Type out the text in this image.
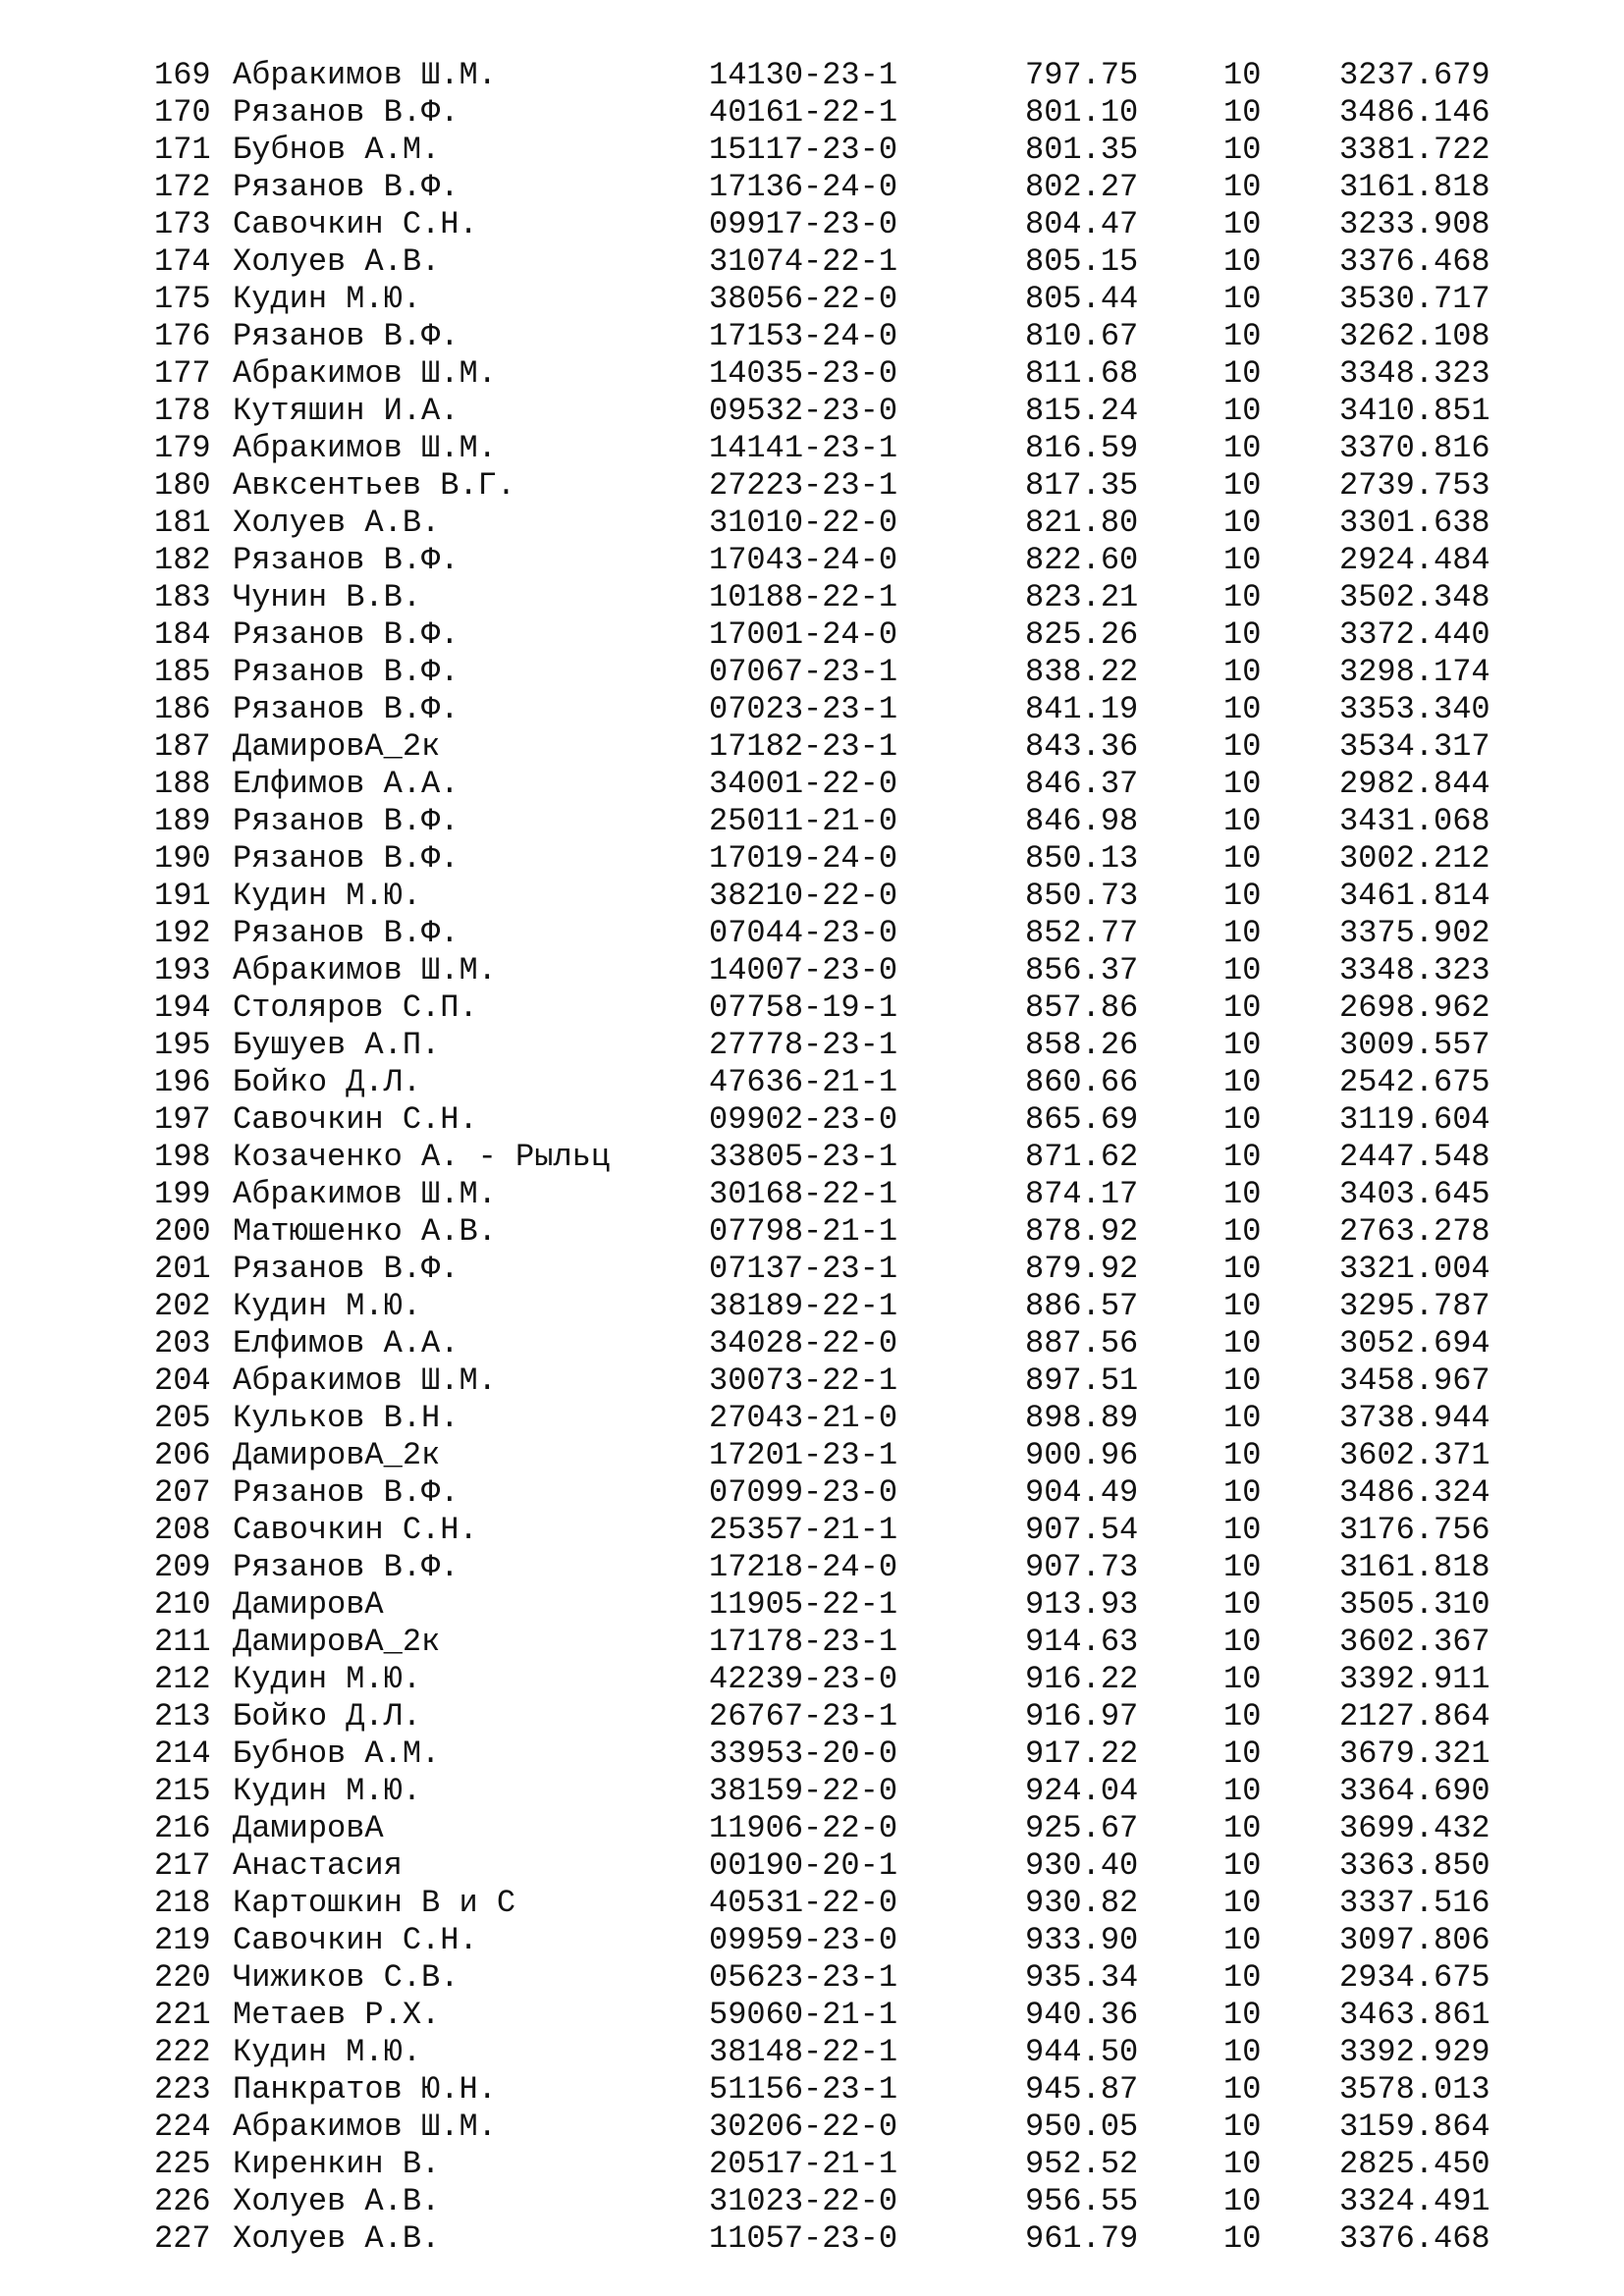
169 Абракимов Ш.М.	14130-23-1	797.75	10 3237.679
170 Рязанов В.Ф.	40161-22-1	801.10	10 3486.146
171 Бубнов А.М.	15117-23-0	801.35	10 3381.722
172 Рязанов В.Ф.	17136-24-0	802.27	10 3161.818
173 Савочкин С.Н.	09917-23-0	804.47	10 3233.908
174 Холуев А.В.	31074-22-1	805.15	10 3376.468
175 Кудин М.Ю.	38056-22-0	805.44	10 3530.717
176 Рязанов В.Ф.	17153-24-0	810.67	10 3262.108
177 Абракимов Ш.М.	14035-23-0	811.68	10 3348.323
178 Кутяшин И.А.	09532-23-0	815.24	10 3410.851
179 Абракимов Ш.М.	14141-23-1	816.59	10 3370.816
180 Авксентьев В.Г.	27223-23-1	817.35	10 2739.753
181 Холуев А.В.	31010-22-0	821.80	10 3301.638
182 Рязанов В.Ф.	17043-24-0	822.60	10 2924.484
183 Чунин В.В.	10188-22-1	823.21	10 3502.348
184 Рязанов В.Ф.	17001-24-0	825.26	10 3372.440
185 Рязанов В.Ф.	07067-23-1	838.22	10 3298.174
186 Рязанов В.Ф.	07023-23-1	841.19	10 3353.340
187 ДамировА_2к	17182-23-1	843.36	10 3534.317
188 Елфимов А.А.	34001-22-0	846.37	10 2982.844
189 Рязанов В.Ф.	25011-21-0	846.98	10 3431.068
190 Рязанов В.Ф.	17019-24-0	850.13	10 3002.212
191 Кудин М.Ю.	38210-22-0	850.73	10 3461.814
192 Рязанов В.Ф.	07044-23-0	852.77	10 3375.902
193 Абракимов Ш.М.	14007-23-0	856.37	10 3348.323
194 Столяров С.П.	07758-19-1	857.86	10 2698.962
195 Бушуев А.П.	27778-23-1	858.26	10 3009.557
196 Бойко Д.Л.	47636-21-1	860.66	10 2542.675
197 Савочкин С.Н.	09902-23-0	865.69	10 3119.604
198 Козаченко А. - Рыльц	33805-23-1	871.62	10 2447.548
199 Абракимов Ш.М.	30168-22-1	874.17	10 3403.645
200 Матюшенко А.В.	07798-21-1	878.92	10 2763.278
201 Рязанов В.Ф.	07137-23-1	879.92	10 3321.004
202 Кудин М.Ю.	38189-22-1	886.57	10 3295.787
203 Елфимов А.А.	34028-22-0	887.56	10 3052.694
204 Абракимов Ш.М.	30073-22-1	897.51	10 3458.967
205 Кульков В.Н.	27043-21-0	898.89	10 3738.944
206 ДамировА_2к	17201-23-1	900.96	10 3602.371
207 Рязанов В.Ф.	07099-23-0	904.49	10 3486.324
208 Савочкин С.Н.	25357-21-1	907.54	10 3176.756
209 Рязанов В.Ф.	17218-24-0	907.73	10 3161.818
210 ДамировА	11905-22-1	913.93	10 3505.310
211 ДамировА_2к	17178-23-1	914.63	10 3602.367
212 Кудин М.Ю.	42239-23-0	916.22	10 3392.911
213 Бойко Д.Л.	26767-23-1	916.97	10 2127.864
214 Бубнов А.М.	33953-20-0	917.22	10 3679.321
215 Кудин М.Ю.	38159-22-0	924.04	10 3364.690
216 ДамировА	11906-22-0	925.67	10 3699.432
217 Анастасия	00190-20-1	930.40	10 3363.850
218 Картошкин В и С	40531-22-0	930.82	10 3337.516
219 Савочкин С.Н.	09959-23-0	933.90	10 3097.806
220 Чижиков С.В.	05623-23-1	935.34	10 2934.675
221 Метаев Р.Х.	59060-21-1	940.36	10 3463.861
222 Кудин М.Ю.	38148-22-1	944.50	10 3392.929
223 Панкратов Ю.Н.	51156-23-1	945.87	10 3578.013
224 Абракимов Ш.М.	30206-22-0	950.05	10 3159.864
225 Киренкин В.	20517-21-1	952.52	10 2825.450
226 Холуев А.В.	31023-22-0	956.55	10 3324.491
227 Холуев А.В.	11057-23-0	961.79	10 3376.468
